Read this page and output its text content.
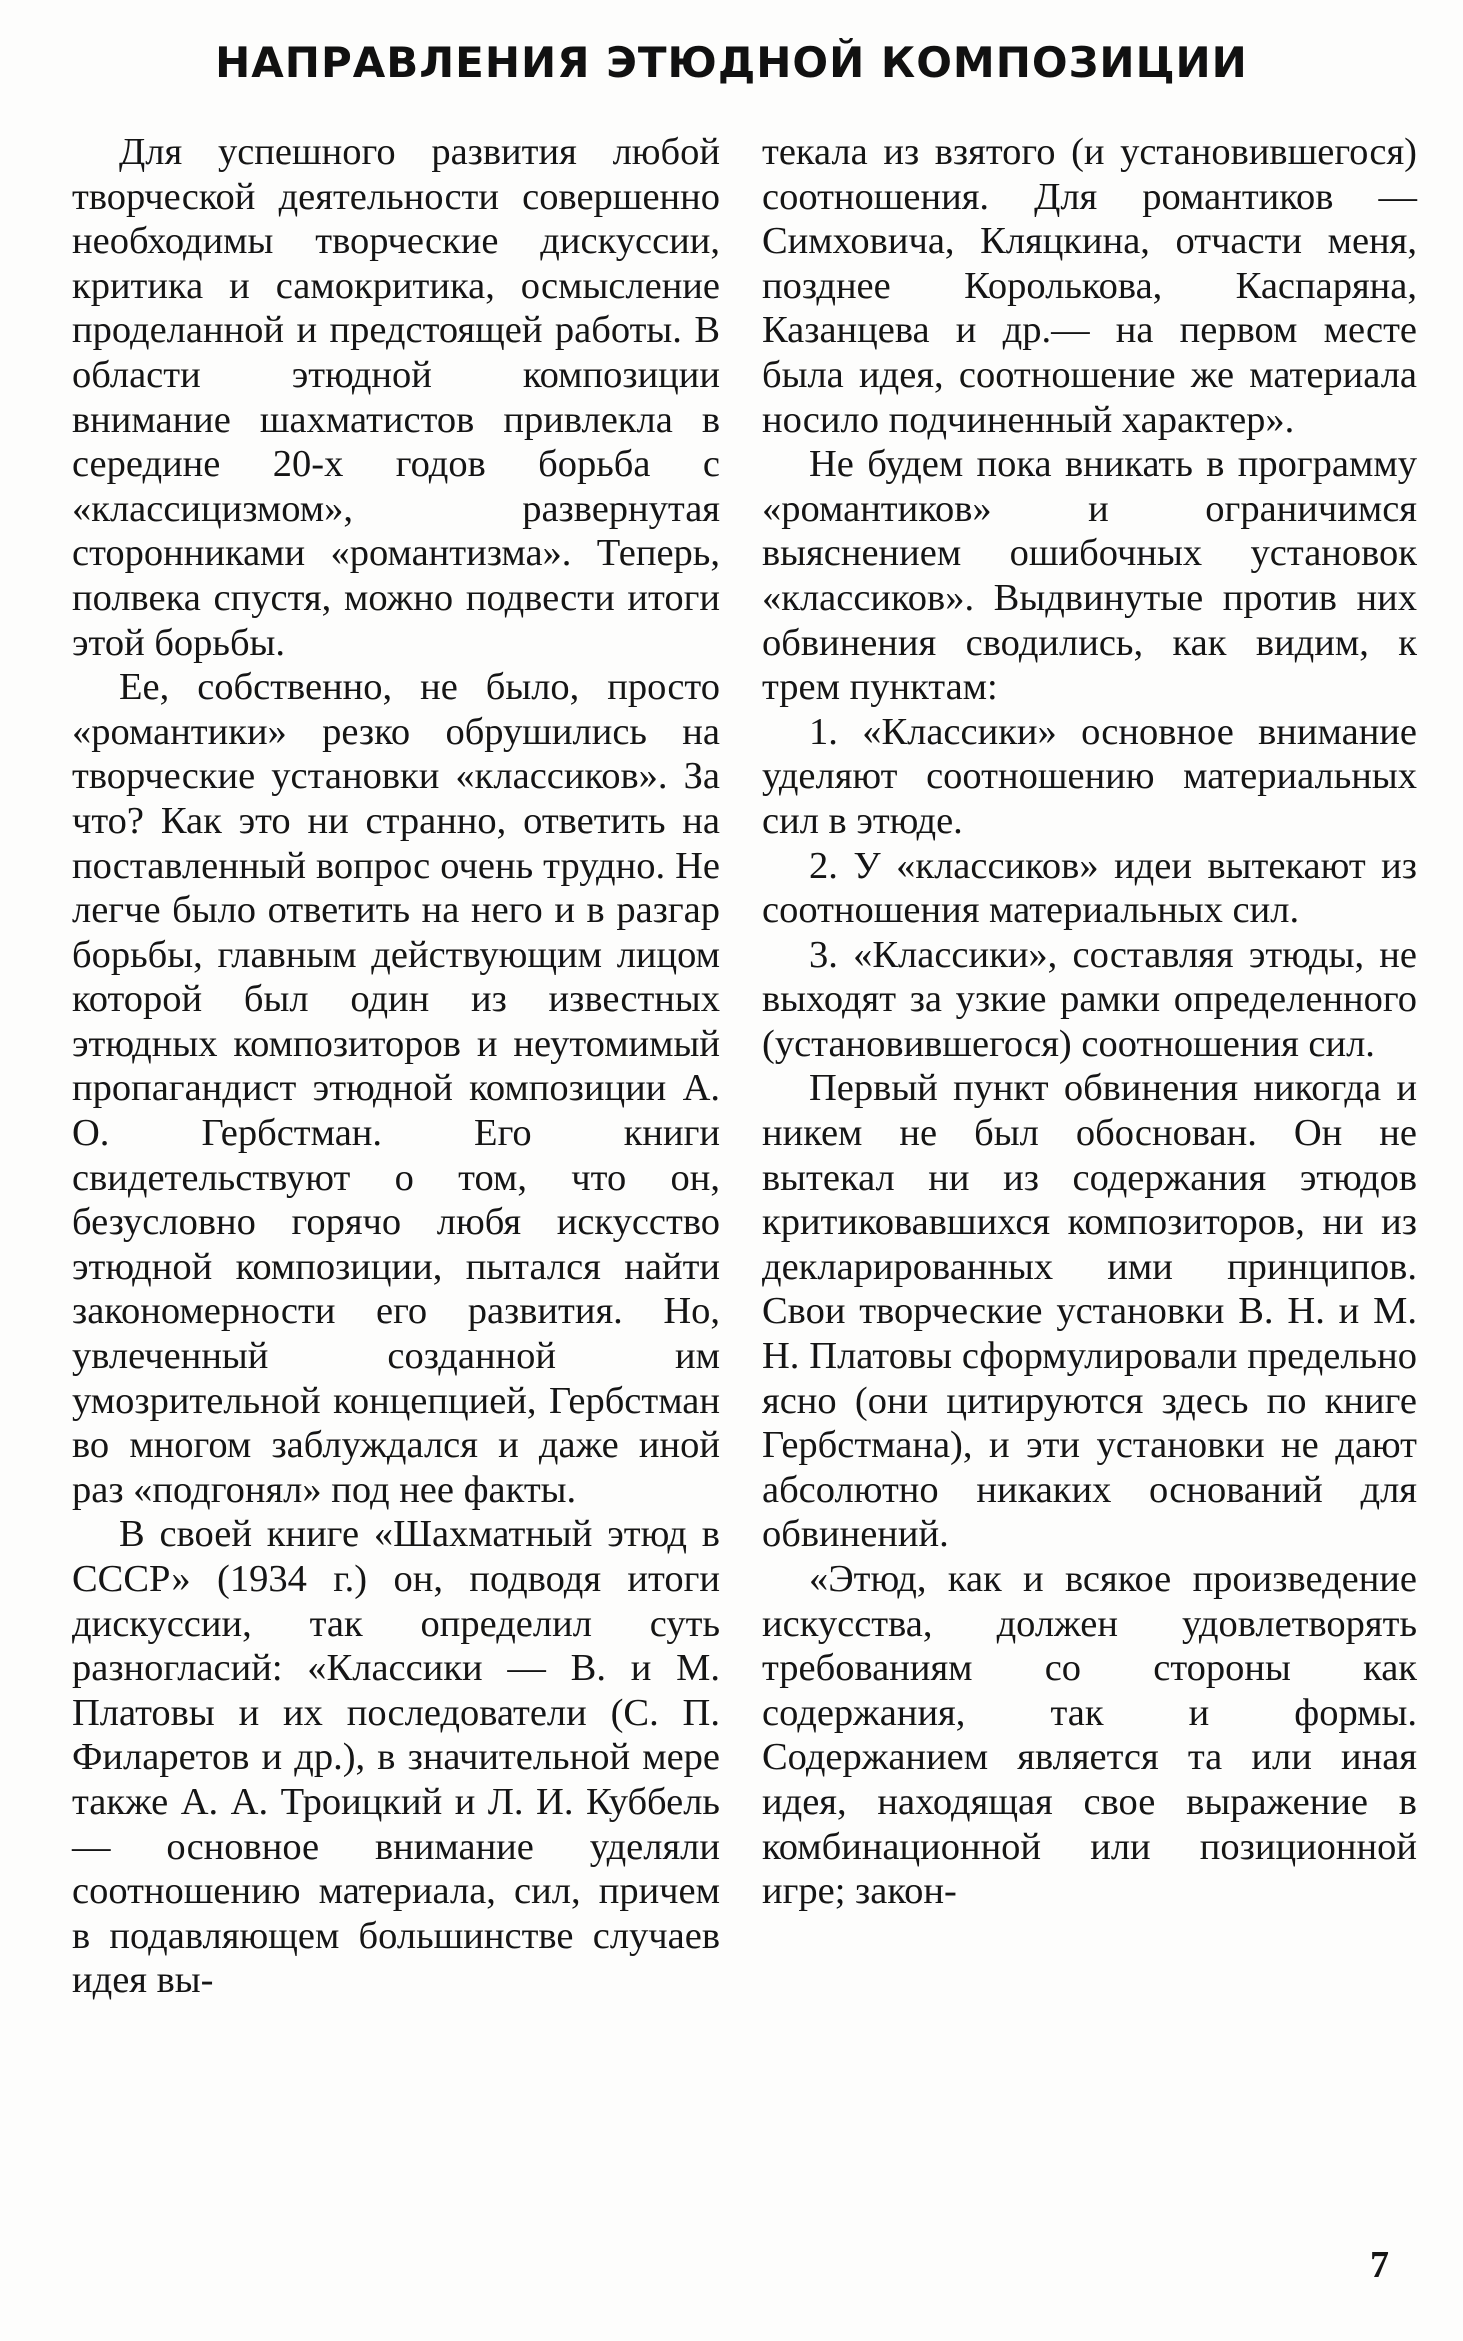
НАПРАВЛЕНИЯ ЭТЮДНОЙ КОМПОЗИЦИИ

Для успешного развития любой творческой деятельности совершенно необходимы творческие дискуссии, критика и самокритика, осмысление проделанной и предстоящей работы. В области этюдной композиции внимание шахматистов привлекла в середине 20-х годов борьба с «классицизмом», развернутая сторонниками «романтизма». Теперь, полвека спустя, можно подвести итоги этой борьбы.

Ее, собственно, не было, просто «романтики» резко обрушились на творческие установки «классиков». За что? Как это ни странно, ответить на поставленный вопрос очень трудно. Не легче было ответить на него и в разгар борьбы, главным действующим лицом которой был один из известных этюдных композиторов и неутомимый пропагандист этюдной композиции А. О. Гербстман. Его книги свидетельствуют о том, что он, безусловно горячо любя искусство этюдной композиции, пытался найти закономерности его развития. Но, увлеченный созданной им умозрительной концепцией, Гербстман во многом заблуждался и даже иной раз «подгонял» под нее факты.

В своей книге «Шахматный этюд в СССР» (1934 г.) он, подводя итоги дискуссии, так определил суть разногласий: «Классики — В. и М. Платовы и их последователи (С. П. Филаретов и др.), в значительной мере также А. А. Троицкий и Л. И. Куббель — основное внимание уделяли соотношению материала, сил, причем в подавляющем большинстве случаев идея вы-

текала из взятого (и установившегося) соотношения. Для романтиков — Симховича, Кляцкина, отчасти меня, позднее Королькова, Каспаряна, Казанцева и др.— на первом месте была идея, соотношение же материала носило подчиненный характер».

Не будем пока вникать в программу «романтиков» и ограничимся выяснением ошибочных установок «классиков». Выдвинутые против них обвинения сводились, как видим, к трем пунктам:

1. «Классики» основное внимание уделяют соотношению материальных сил в этюде.

2. У «классиков» идеи вытекают из соотношения материальных сил.

3. «Классики», составляя этюды, не выходят за узкие рамки определенного (установившегося) соотношения сил.

Первый пункт обвинения никогда и никем не был обоснован. Он не вытекал ни из содержания этюдов критиковавшихся композиторов, ни из декларированных ими принципов. Свои творческие установки В. Н. и М. Н. Платовы сформулировали предельно ясно (они цитируются здесь по книге Гербстмана), и эти установки не дают абсолютно никаких оснований для обвинений.

«Этюд, как и всякое произведение искусства, должен удовлетворять требованиям со стороны как содержания, так и формы. Содержанием является та или иная идея, находящая свое выражение в комбинационной или позиционной игре; закон-

7
